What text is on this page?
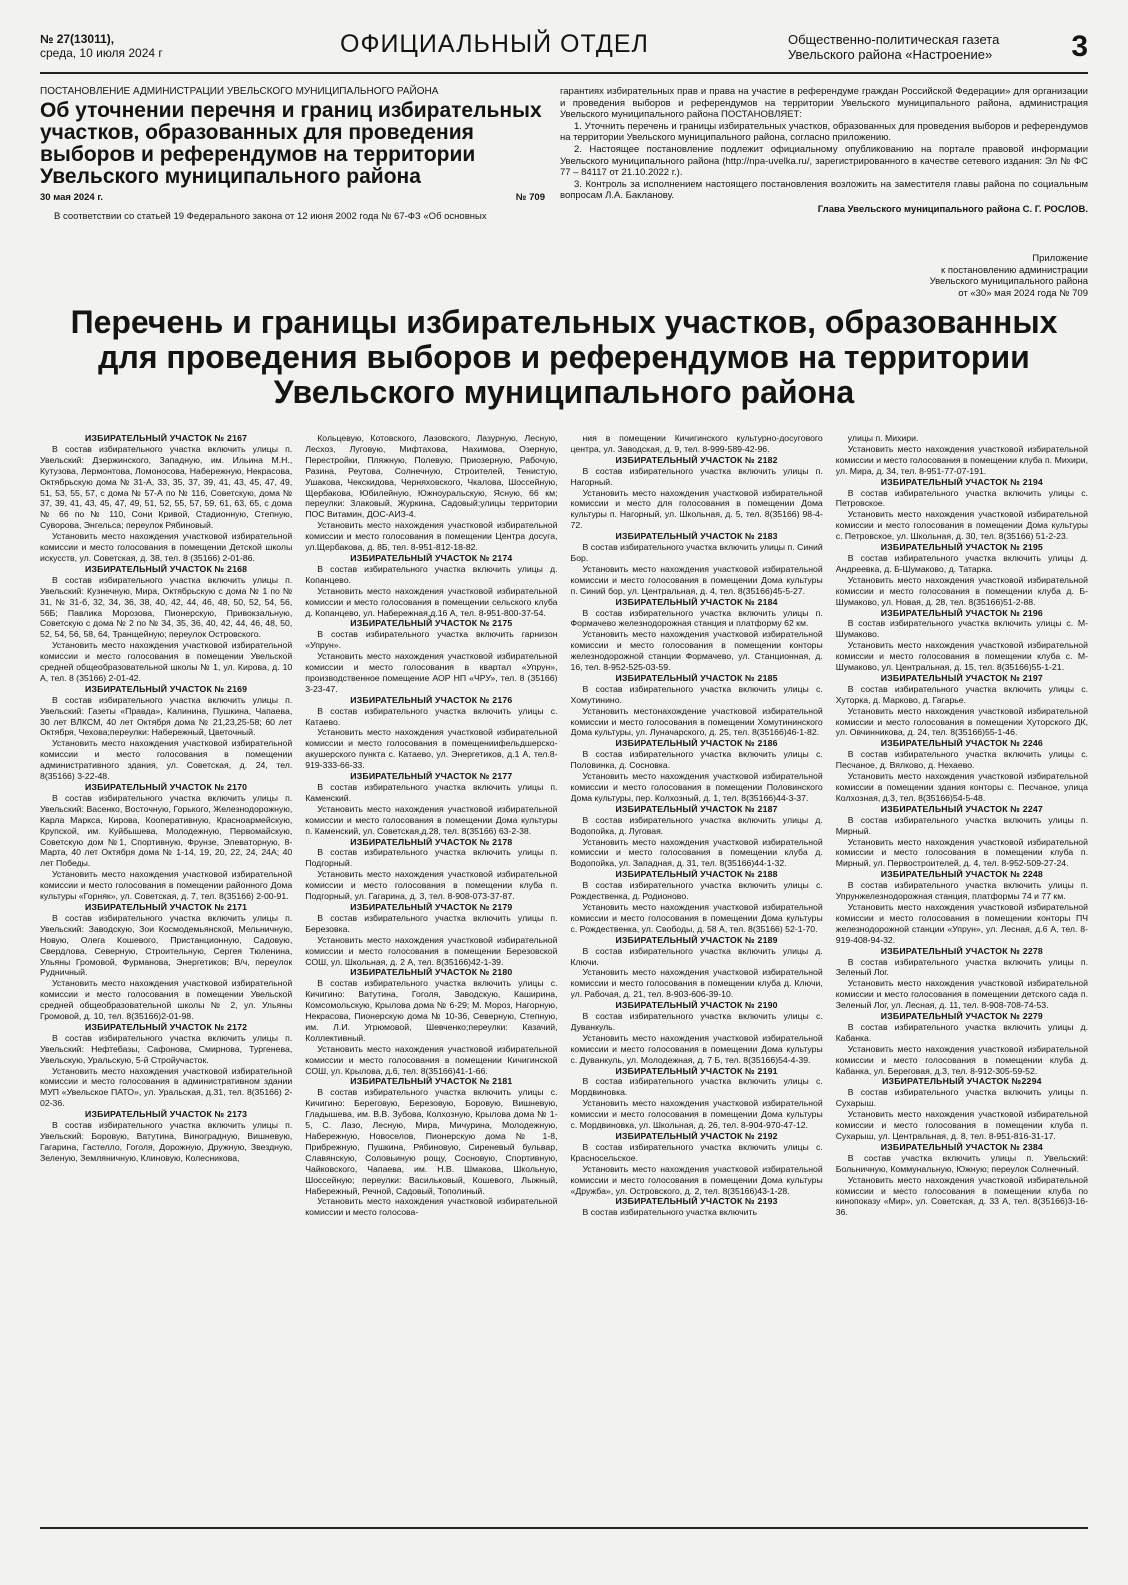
№ 27(13011),
среда, 10 июля 2024 г	ОФИЦИАЛЬНЫЙ ОТДЕЛ	Общественно-политическая газета
Увельского района «Настроение»	3
ПОСТАНОВЛЕНИЕ АДМИНИСТРАЦИИ УВЕЛЬСКОГО МУНИЦИПАЛЬНОГО РАЙОНА
Об уточнении перечня и границ избирательных участков, образованных для проведения выборов и референдумов на территории Увельского муниципального района
30 мая 2024 г.	№ 709
В соответствии со статьей 19 Федерального закона от 12 июня 2002 года № 67-ФЗ «Об основных

гарантиях избирательных прав и права на участие в референдуме граждан Российской Федерации» для организации и проведения выборов и референдумов на территории Увельского муниципального района, администрация Увельского муниципального района ПОСТАНОВЛЯЕТ:

1. Уточнить перечень и границы избирательных участков, образованных для проведения выборов и референдумов на территории Увельского муниципального района, согласно приложению.

2. Настоящее постановление подлежит официальному опубликованию на портале правовой информации Увельского муниципального района (http://npa-uvelka.ru/, зарегистрированного в качестве сетевого издания: Эл № ФС 77 – 84117 от 21.10.2022 г.).

3. Контроль за исполнением настоящего постановления возложить на заместителя главы района по социальным вопросам Л.А. Бакланову.

Глава Увельского муниципального района С. Г. РОСЛОВ.

Приложение
к постановлению администрации
Увельского муниципального района
от «30» мая 2024 года № 709
Перечень и границы избирательных участков, образованных для проведения выборов и референдумов на территории Увельского муниципального района
ИЗБИРАТЕЛЬНЫЙ УЧАСТОК № 2167

В состав избирательного участка включить улицы п. Увельский: Дзержинского, Западную, им. Ильина М.Н., Кутузова, Лермонтова, Ломоносова, Набережную, Некрасова, Октябрьскую дома № 31-А, 33, 35, 37, 39, 41, 43, 45, 47, 49, 51, 53, 55, 57, с дома № 57-А по № 116, Советскую, дома № 37, 39, 41, 43, 45, 47, 49, 51, 52, 55, 57, 59, 61, 63, 65, с дома № 66 по № 110, Сони Кривой, Стадионную, Степную, Суворова, Энгельса; переулок Рябиновый.

Установить место нахождения участковой избирательной комиссии и место голосования в помещении Детской школы искусств, ул. Советская, д. 38, тел. 8 (35166) 2-01-86.

ИЗБИРАТЕЛЬНЫЙ УЧАСТОК № 2168

В состав избирательного участка включить улицы п. Увельский: Кузнечную, Мира, Октябрьскую с дома № 1 по № 31, № 31-б, 32, 34, 36, 38, 40, 42, 44, 46, 48, 50, 52, 54, 56, 56Б; Павлика Морозова, Пионерскую, Привокзальную, Советскую с дома № 2 по № 34, 35, 36, 40, 42, 44, 46, 48, 50, 52, 54, 56, 58, 64, Транщейную; переулок Островского.

Установить место нахождения участковой избирательной комиссии и место голосования в помещении Увельской средней общеобразовательной школы № 1, ул. Кирова, д. 10 А, тел. 8 (35166) 2-01-42.

ИЗБИРАТЕЛЬНЫЙ УЧАСТОК № 2169

В состав избирательного участка включить улицы п. Увельский: Газеты «Правда», Калинина, Пушкина, Чапаева, 30 лет ВЛКСМ, 40 лет Октября дома № 21,23,25-58; 60 лет Октября, Чехова;переулки: Набережный, Цветочный.

Установить место нахождения участковой избирательной комиссии и место голосования в помещении административного здания, ул. Советская, д. 24, тел. 8(35166) 3-22-48.

ИЗБИРАТЕЛЬНЫЙ УЧАСТОК № 2170

В состав избирательного участка включить улицы п. Увельский: Васенко, Восточную, Горького, Железнодорожную, Карла Маркса, Кирова, Кооперативную, Красноармейскую, Крупской, им. Куйбышева, Молодежную, Первомайскую, Советскую дом №1, Спортивную, Фрунзе, Элеваторную, 8-Марта, 40 лет Октября дома № 1-14, 19, 20, 22, 24, 24А; 40 лет Победы.

Установить место нахождения участковой избирательной комиссии и место голосования в помещении районного Дома культуры «Горняк», ул. Советская, д. 7, тел. 8(35166) 2-00-91.

ИЗБИРАТЕЛЬНЫЙ УЧАСТОК № 2171

В состав избирательного участка включить улицы п. Увельский: Заводскую, Зои Космодемьянской, Мельничную, Новую, Олега Кошевого, Пристанционную, Садовую, Свердлова, Северную, Строительную, Сергея Тюленина, Ульяны Громовой, Фурманова, Энергетиков; В/ч, переулок Рудничный.

Установить место нахождения участковой избирательной комиссии и место голосования в помещении Увельской средней общеобразовательной школы № 2, ул. Ульяны Громовой, д. 10, тел. 8(35166)2-01-98.

ИЗБИРАТЕЛЬНЫЙ УЧАСТОК № 2172

В состав избирательного участка включить улицы п. Увельский: Нефтебазы, Сафонова, Смирнова, Тургенева, Увельскую, Уральскую, 5-й Стройучасток.

Установить место нахождения участковой избирательной комиссии и место голосования в административном здании МУП «Увельское ПАТО», ул. Уральская, д.31, тел. 8(35166) 2-02-36.

ИЗБИРАТЕЛЬНЫЙ УЧАСТОК № 2173

В состав избирательного участка включить улицы п. Увельский: Боровую, Ватутина, Виноградную, Вишневую, Гагарина, Гастелло, Гоголя, Дорожную, Дружную, Звездную, Зеленую, Земляничную, Клиновую, Колесникова,

Кольцевую, Котовского, Лазовского, Лазурную, Лесную, Лесхоз, Луговую, Мифтахова, Нахимова, Озерную, Перестройки, Пляжную, Полевую, Приозерную, Рабочую, Разина, Реутова, Солнечную, Строителей, Тенистую, Ушакова, Чекскидова, Черняховского, Чкалова, Шоссейную, Щербакова, Юбилейную, Южноуральскую, Ясную, 66 км; переулки: Злаковый, Журкина, Садовый;улицы территории ПОС Витамин, ДОС-АИЗ-4.

Установить место нахождения участковой избирательной комиссии и место голосования в помещении Центра досуга, ул.Щербакова, д. 8Б, тел. 8-951-812-18-82.

ИЗБИРАТЕЛЬНЫЙ УЧАСТОК № 2174

В состав избирательного участка включить улицы д. Копанцево.

Установить место нахождения участковой избирательной комиссии и место голосования в помещении сельского клуба д. Копанцево, ул. Набережная,д.16 А, тел. 8-951-800-37-54.

ИЗБИРАТЕЛЬНЫЙ УЧАСТОК № 2175

В состав избирательного участка включить гарнизон «Упрун».

Установить место нахождения участковой избирательной комиссии и место голосования в квартал «Упрун», производственное помещение АОР НП «ЧРУ», тел. 8 (35166) 3-23-47.

ИЗБИРАТЕЛЬНЫЙ УЧАСТОК № 2176

В состав избирательного участка включить улицы с. Катаево.

Установить место нахождения участковой избирательной комиссии и место голосования в помещениифельдшерско-акушерского пункта с. Катаево, ул. Энергетиков, д.1 А, тел.8-919-333-66-33.

ИЗБИРАТЕЛЬНЫЙ УЧАСТОК № 2177

В состав избирательного участка включить улицы п. Каменский.

Установить место нахождения участковой избирательной комиссии и место голосования в помещении Дома культуры п. Каменский, ул. Советская,д.28, тел. 8(35166) 63-2-38.

ИЗБИРАТЕЛЬНЫЙ УЧАСТОК № 2178

В состав избирательного участка включить улицы п. Подгорный.

Установить место нахождения участковой избирательной комиссии и место голосования в помещении клуба п. Подгорный, ул. Гагарина, д. 3, тел. 8-908-073-37-87.

ИЗБИРАТЕЛЬНЫЙ УЧАСТОК № 2179

В состав избирательного участка включить улицы п. Березовка.

Установить место нахождения участковой избирательной комиссии и место голосования в помещении Березовской СОШ, ул. Школьная, д. 2 А, тел. 8(35166)42-1-39.

ИЗБИРАТЕЛЬНЫЙ УЧАСТОК № 2180

В состав избирательного участка включить улицы с. Кичигино: Ватутина, Гоголя, Заводскую, Каширина, Комсомольскую, Крылова дома № 6-29; М. Мороз, Нагорную, Некрасова, Пионерскую дома № 10-36, Северную, Степную, им. Л.И. Угрюмовой, Шевченко;переулки: Казачий, Коллективный.

Установить место нахождения участковой избирательной комиссии и место голосования в помещении Кичигинской СОШ, ул. Крылова, д.6, тел. 8(35166)41-1-66.

ИЗБИРАТЕЛЬНЫЙ УЧАСТОК № 2181

В состав избирательного участка включить улицы с. Кичигино: Береговую, Березовую, Боровую, Вишневую, Гладышева, им. В.В. Зубова, Колхозную, Крылова дома № 1-5, С. Лазо, Лесную, Мира, Мичурина, Молодежную, Набережную, Новоселов, Пионерскую дома № 1-8, Прибрежную, Пушкина, Рябиновую, Сиреневый бульвар, Славянскую, Соловьиную рощу, Сосновую, Спортивную, Чайковского, Чапаева, им. Н.В. Шмакова, Школьную, Шоссейную; переулки: Васильковый, Кошевого, Лыжный, Набережный, Речной, Садовый, Тополиный.

Установить место нахождения участковой избирательной комиссии и место голосова-

ния в помещении Кичигинского культурно-досугового центра, ул. Заводская, д. 9, тел. 8-999-589-42-96.

ИЗБИРАТЕЛЬНЫЙ УЧАСТОК № 2182

В состав избирательного участка включить улицы п. Нагорный.

Установить место нахождения участковой избирательной комиссии и место для голосования в помещении Дома культуры п. Нагорный, ул. Школьная, д. 5, тел. 8(35166) 98-4-72.

ИЗБИРАТЕЛЬНЫЙ УЧАСТОК № 2183

В состав избирательного участка включить улицы п. Синий Бор.

Установить место нахождения участковой избирательной комиссии и место голосования в помещении Дома культуры п. Синий бор, ул. Центральная, д. 4, тел. 8(35166)45-5-27.

ИЗБИРАТЕЛЬНЫЙ УЧАСТОК № 2184

В состав избирательного участка включить улицы п. Формачево железнодорожная станция и платформу 62 км.

Установить место нахождения участковой избирательной комиссии и место голосования в помещении конторы железнодорожной станции Формачево, ул. Станционная, д. 16, тел. 8-952-525-03-59.

ИЗБИРАТЕЛЬНЫЙ УЧАСТОК № 2185

В состав избирательного участка включить улицы с. Хомутинино.

Установить местонахождение участковой избирательной комиссии и место голосования в помещении Хомутининского Дома культуры, ул. Луначарского, д. 25, тел. 8(35166)46-1-82.

ИЗБИРАТЕЛЬНЫЙ УЧАСТОК № 2186

В состав избирательного участка включить улицы с. Половинка, д. Сосновка.

Установить место нахождения участковой избирательной комиссии и место голосования в помещении Половинского Дома культуры, пер. Колхозный, д. 1, тел. 8(35166)44-3-37.

ИЗБИРАТЕЛЬНЫЙ УЧАСТОК № 2187

В состав избирательного участка включить улицы д. Водопойка, д. Луговая.

Установить место нахождения участковой избирательной комиссии и место голосования в помещении клуба д. Водопойка, ул. Западная, д. 31, тел. 8(35166)44-1-32.

ИЗБИРАТЕЛЬНЫЙ УЧАСТОК № 2188

В состав избирательного участка включить улицы с. Рождественка, д. Родионово.

Установить место нахождения участковой избирательной комиссии и место голосования в помещении Дома культуры с. Рождественка, ул. Свободы, д. 58 А, тел. 8(35166) 52-1-70.

ИЗБИРАТЕЛЬНЫЙ УЧАСТОК № 2189

В состав избирательного участка включить улицы д. Ключи.

Установить место нахождения участковой избирательной комиссии и место голосования в помещении клуба д. Ключи, ул. Рабочая, д. 21, тел. 8-903-606-39-10.

ИЗБИРАТЕЛЬНЫЙ УЧАСТОК № 2190

В состав избирательного участка включить улицы с. Дуванкуль.

Установить место нахождения участковой избирательной комиссии и место голосования в помещении Дома культуры с. Дуванкуль, ул. Молодежная, д. 7 Б, тел. 8(35166)54-4-39.

ИЗБИРАТЕЛЬНЫЙ УЧАСТОК № 2191

В состав избирательного участка включить улицы с. Мордвиновка.

Установить место нахождения участковой избирательной комиссии и место голосования в помещении Дома культуры с. Мордвиновка, ул. Школьная, д. 26, тел. 8-904-970-47-12.

ИЗБИРАТЕЛЬНЫЙ УЧАСТОК № 2192

В состав избирательного участка включить улицы с. Красносельское.

Установить место нахождения участковой избирательной комиссии и место голосования в помещении Дома культуры «Дружба», ул. Островского, д. 2, тел. 8(35166)43-1-28.

ИЗБИРАТЕЛЬНЫЙ УЧАСТОК № 2193

В состав избирательного участка включить

улицы п. Михири.

Установить место нахождения участковой избирательной комиссии и место голосования в помещении клуба п. Михири, ул. Мира, д. 34, тел. 8-951-77-07-191.

ИЗБИРАТЕЛЬНЫЙ УЧАСТОК № 2194

В состав избирательного участка включить улицы с. Петровское.

Установить место нахождения участковой избирательной комиссии и место голосования в помещении Дома культуры с. Петровское, ул. Школьная, д. 30, тел. 8(35166) 51-2-23.

ИЗБИРАТЕЛЬНЫЙ УЧАСТОК № 2195

В состав избирательного участка включить улицы д. Андреевка, д. Б-Шумаково, д. Татарка.

Установить место нахождения участковой избирательной комиссии и место голосования в помещении клуба д. Б-Шумаково, ул. Новая, д. 28, тел. 8(35166)51-2-88.

ИЗБИРАТЕЛЬНЫЙ УЧАСТОК № 2196

В состав избирательного участка включить улицы с. М-Шумаково.

Установить место нахождения участковой избирательной комиссии и место голосования в помещении клуба с. М-Шумаково, ул. Центральная, д. 15, тел. 8(35166)55-1-21.

ИЗБИРАТЕЛЬНЫЙ УЧАСТОК № 2197

В состав избирательного участка включить улицы с. Хуторка, д. Марково, д. Гагарье.

Установить место нахождения участковой избирательной комиссии и место голосования в помещении Хуторского ДК, ул. Овчинникова, д. 24, тел. 8(35166)55-1-46.

ИЗБИРАТЕЛЬНЫЙ УЧАСТОК № 2246

В состав избирательного участка включить улицы с. Песчаное, д. Вялково, д. Нехаево.

Установить место нахождения участковой избирательной комиссии в помещении здания конторы с. Песчаное, улица Колхозная, д.3, тел. 8(35166)54-5-48.

ИЗБИРАТЕЛЬНЫЙ УЧАСТОК № 2247

В состав избирательного участка включить улицы п. Мирный.

Установить место нахождения участковой избирательной комиссии и место голосования в помещении клуба п. Мирный, ул. Первостроителей, д. 4, тел. 8-952-509-27-24.

ИЗБИРАТЕЛЬНЫЙ УЧАСТОК № 2248

В состав избирательного участка включить улицы п. Упрунжелезнодорожная станция, платформы 74 и 77 км.

Установить место нахождения участковой избирательной комиссии и место голосования в помещении конторы ПЧ железнодорожной станции «Упрун», ул. Лесная, д.6 А, тел. 8-919-408-94-32.

ИЗБИРАТЕЛЬНЫЙ УЧАСТОК № 2278

В состав избирательного участка включить улицы п. Зеленый Лог.

Установить место нахождения участковой избирательной комиссии и место голосования в помещении детского сада п. Зеленый Лог, ул. Лесная, д. 11, тел. 8-908-708-74-53.

ИЗБИРАТЕЛЬНЫЙ УЧАСТОК № 2279

В состав избирательного участка включить улицы д. Кабанка.

Установить место нахождения участковой избирательной комиссии и место голосования в помещении клуба д. Кабанка, ул. Береговая, д.3, тел. 8-912-305-59-52.

ИЗБИРАТЕЛЬНЫЙ УЧАСТОК №2294

В состав избирательного участка включить улицы п. Сухарыш.

Установить место нахождения участковой избирательной комиссии и место голосования в помещении клуба п. Сухарыш, ул. Центральная, д. 8, тел. 8-951-816-31-17.

ИЗБИРАТЕЛЬНЫЙ УЧАСТОК № 2384

В состав участка включить улицы п. Увельский: Больничную, Коммунальную, Южную; переулок Солнечный.

Установить место нахождения участковой избирательной комиссии и место голосования в помещении клуба по кинопоказу «Мир», ул. Советская, д. 33 А, тел. 8(35166)3-16-36.
